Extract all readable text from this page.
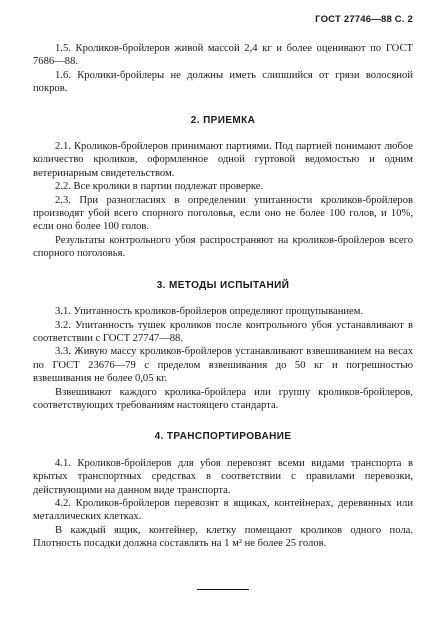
ГОСТ 27746—88 С. 2

1.5. Кроликов-бройлеров живой массой 2,4 кг и более оценивают по ГОСТ 7686—88.

1.6. Кролики-бройлеры не должны иметь слипшийся от грязи волосяной покров.

2. ПРИЕМКА

2.1. Кроликов-бройлеров принимают партиями. Под партией понимают любое количество кроликов, оформленное одной гуртовой ведомостью и одним ветеринарным свидетельством.

2.2. Все кролики в партии подлежат проверке.

2.3. При разногласиях в определении упитанности кроликов-бройлеров производят убой всего спорного поголовья, если оно не более 100 голов, и 10%, если оно более 100 голов.

Результаты контрольного убоя распространяют на кроликов-бройлеров всего спорного поголовья.

3. МЕТОДЫ ИСПЫТАНИЙ

3.1. Упитанность кроликов-бройлеров определяют прощупыванием.

3.2. Упитанность тушек кроликов после контрольного убоя устанавливают в соответствии с ГОСТ 27747—88.

3.3. Живую массу кроликов-бройлеров устанавливают взвешиванием на весах по ГОСТ 23676—79 с пределом взвешивания до 50 кг и погрешностью взвешивания не более 0,05 кг.

Взвешивают каждого кролика-бройлера или группу кроликов-бройлеров, соответствующих требованиям настоящего стандарта.

4. ТРАНСПОРТИРОВАНИЕ

4.1. Кроликов-бройлеров для убоя перевозят всеми видами транспорта в крытых транспортных средствах в соответствии с правилами перевозки, действующими на данном виде транспорта.

4.2. Кроликов-бройлеров перевозят в ящиках, контейнерах, деревянных или металлических клетках.

В каждый ящик, контейнер, клетку помещают кроликов одного пола. Плотность посадки должна составлять на 1 м² не более 25 голов.
